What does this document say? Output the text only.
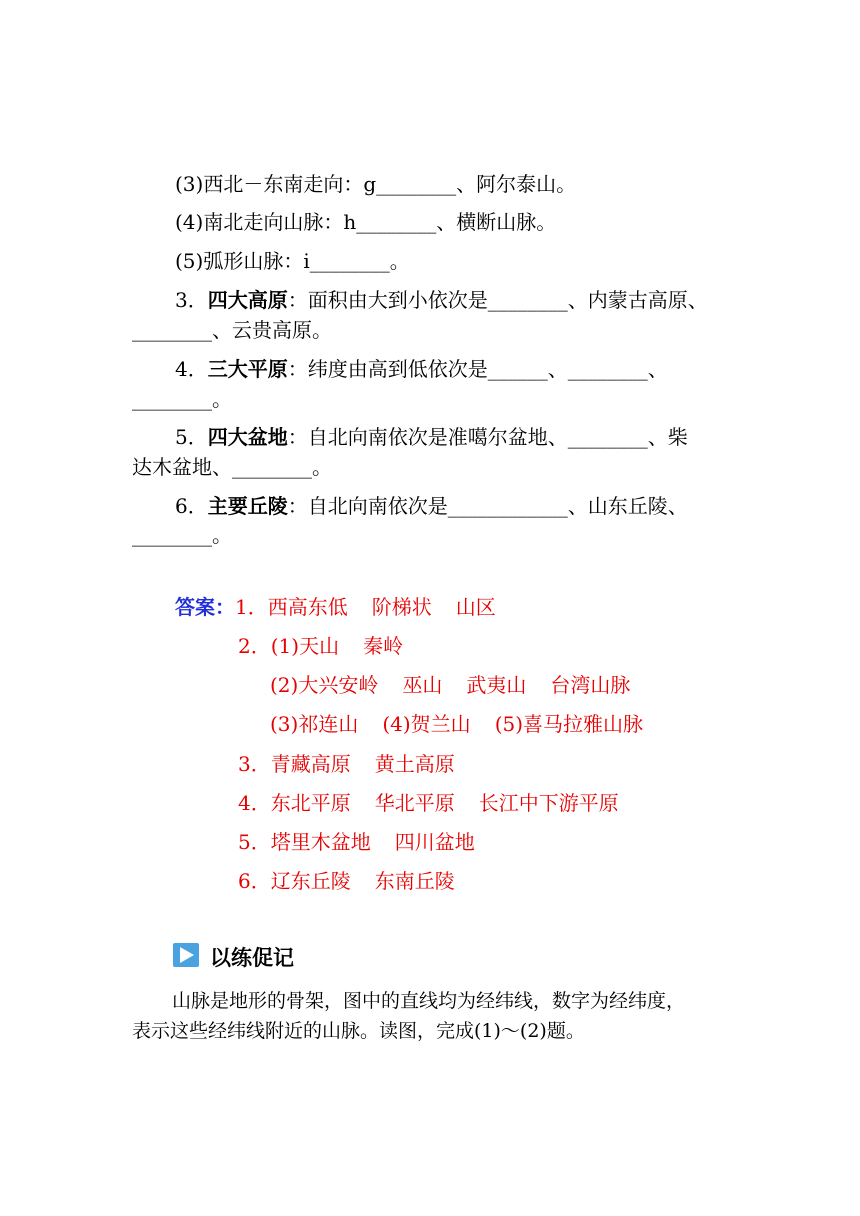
(3)西北－东南走向：g________、阿尔泰山。
(4)南北走向山脉：h________、横断山脉。
(5)弧形山脉：i________。
3．四大高原：面积由大到小依次是________、内蒙古高原、
________、云贵高原。
4．三大平原：纬度由高到低依次是______、________、
________。
5．四大盆地：自北向南依次是准噶尔盆地、________、柴
达木盆地、________。
6．主要丘陵：自北向南依次是____________、山东丘陵、
________。
答案：1．西高东低 阶梯状 山区
2．(1)天山 秦岭
(2)大兴安岭 巫山 武夷山 台湾山脉
(3)祁连山 (4)贺兰山 (5)喜马拉雅山脉
3．青藏高原 黄土高原
4．东北平原 华北平原 长江中下游平原
5．塔里木盆地 四川盆地
6．辽东丘陵 东南丘陵
以练促记
山脉是地形的骨架，图中的直线均为经纬线，数字为经纬度，
表示这些经纬线附近的山脉。读图，完成(1)～(2)题。
